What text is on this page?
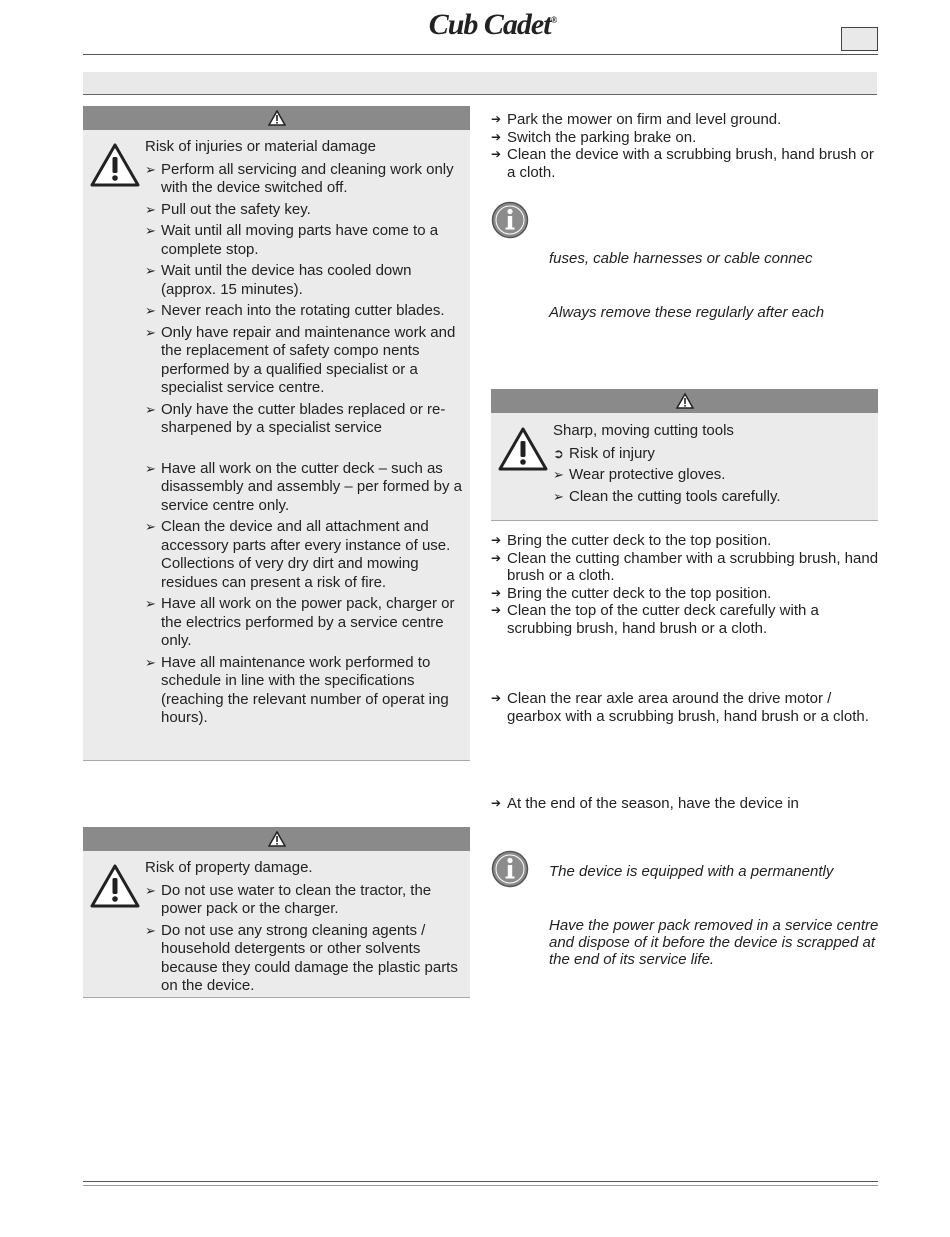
Cub Cadet®

Risk of injuries or material damage

➢ Perform all servicing and cleaning work only with the device switched off.
➢ Pull out the safety key.
➢ Wait until all moving parts have come to a complete stop.
➢ Wait until the device has cooled down (approx. 15 minutes).
➢ Never reach into the rotating cutter blades.
➢ Only have repair and maintenance work and the replacement of safety compo nents performed by a qualified specialist or a specialist service centre.
➢ Only have the cutter blades replaced or re-sharpened by a specialist service
➢ Have all work on the cutter deck – such as disassembly and assembly – per formed by a service centre only.
➢ Clean the device and all attachment and accessory parts after every instance of use. Collections of very dry dirt and mowing residues can present a risk of fire.
➢ Have all work on the power pack, charger or the electrics performed by a service centre only.
➢ Have all maintenance work performed to schedule in line with the specifications (reaching the relevant number of operat ing hours).

Risk of property damage.

➢ Do not use water to clean the tractor, the power pack or the charger.
➢ Do not use any strong cleaning agents / household detergents or other solvents because they could damage the plastic parts on the device.
➔ Park the mower on firm and level ground.
➔ Switch the parking brake on.
➔ Clean the device with a scrubbing brush, hand brush or a cloth.
fuses, cable harnesses or cable connec
Always remove these regularly after each

Sharp, moving cutting tools

➲ Risk of injury
➢ Wear protective gloves.
➢ Clean the cutting tools carefully.
➔ Bring the cutter deck to the top position.
➔ Clean the cutting chamber with a scrubbing brush, hand brush or a cloth.
➔ Bring the cutter deck to the top position.
➔ Clean the top of the cutter deck carefully with a scrubbing brush, hand brush or a cloth.
➔ Clean the rear axle area around the drive motor / gearbox with a scrubbing brush, hand brush or a cloth.
➔ At the end of the season, have the device in
The device is equipped with a permanently
Have the power pack removed in a service centre and dispose of it before the device is scrapped at the end of its service life.
